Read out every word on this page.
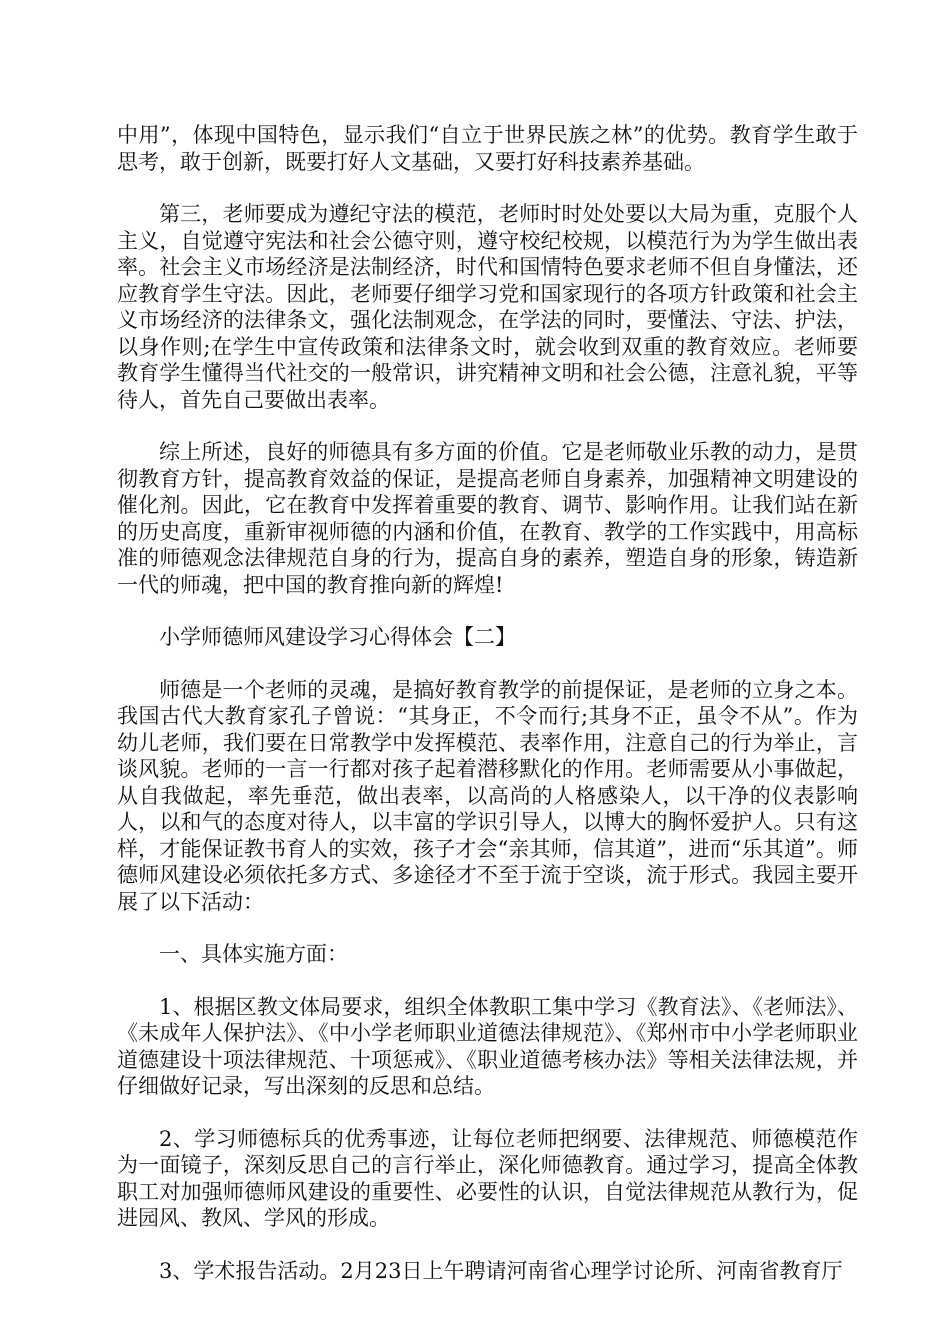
中用”，体现中国特色，显示我们“自立于世界民族之林”的优势。教育学生敢于思考，敢于创新，既要打好人文基础，又要打好科技素养基础。

第三，老师要成为遵纪守法的模范，老师时时处处要以大局为重，克服个人主义，自觉遵守宪法和社会公德守则，遵守校纪校规，以模范行为为学生做出表率。社会主义市场经济是法制经济，时代和国情特色要求老师不但自身懂法，还应教育学生守法。因此，老师要仔细学习党和国家现行的各项方针政策和社会主义市场经济的法律条文，强化法制观念，在学法的同时，要懂法、守法、护法，以身作则;在学生中宣传政策和法律条文时，就会收到双重的教育效应。老师要教育学生懂得当代社交的一般常识，讲究精神文明和社会公德，注意礼貌，平等待人，首先自己要做出表率。

综上所述，良好的师德具有多方面的价值。它是老师敬业乐教的动力，是贯彻教育方针，提高教育效益的保证，是提高老师自身素养，加强精神文明建设的催化剂。因此，它在教育中发挥着重要的教育、调节、影响作用。让我们站在新的历史高度，重新审视师德的内涵和价值，在教育、教学的工作实践中，用高标准的师德观念法律规范自身的行为，提高自身的素养，塑造自身的形象，铸造新一代的师魂，把中国的教育推向新的辉煌!

小学师德师风建设学习心得体会【二】

师德是一个老师的灵魂，是搞好教育教学的前提保证，是老师的立身之本。我国古代大教育家孔子曾说：“其身正，不令而行;其身不正，虽令不从”。作为幼儿老师，我们要在日常教学中发挥模范、表率作用，注意自己的行为举止，言谈风貌。老师的一言一行都对孩子起着潜移默化的作用。老师需要从小事做起，从自我做起，率先垂范，做出表率，以高尚的人格感染人，以干净的仪表影响人，以和气的态度对待人，以丰富的学识引导人，以博大的胸怀爱护人。只有这样，才能保证教书育人的实效，孩子才会“亲其师，信其道”，进而“乐其道”。师德师风建设必须依托多方式、多途径才不至于流于空谈，流于形式。我园主要开展了以下活动：

一、具体实施方面：

1、根据区教文体局要求，组织全体教职工集中学习《教育法》、《老师法》、《未成年人保护法》、《中小学老师职业道德法律规范》、《郑州市中小学老师职业道德建设十项法律规范、十项惩戒》、《职业道德考核办法》等相关法律法规，并仔细做好记录，写出深刻的反思和总结。

2、学习师德标兵的优秀事迹，让每位老师把纲要、法律规范、师德模范作为一面镜子，深刻反思自己的言行举止，深化师德教育。通过学习，提高全体教职工对加强师德师风建设的重要性、必要性的认识，自觉法律规范从教行为，促进园风、教风、学风的形成。

3、学术报告活动。2月23日上午聘请河南省心理学讨论所、河南省教育厅
